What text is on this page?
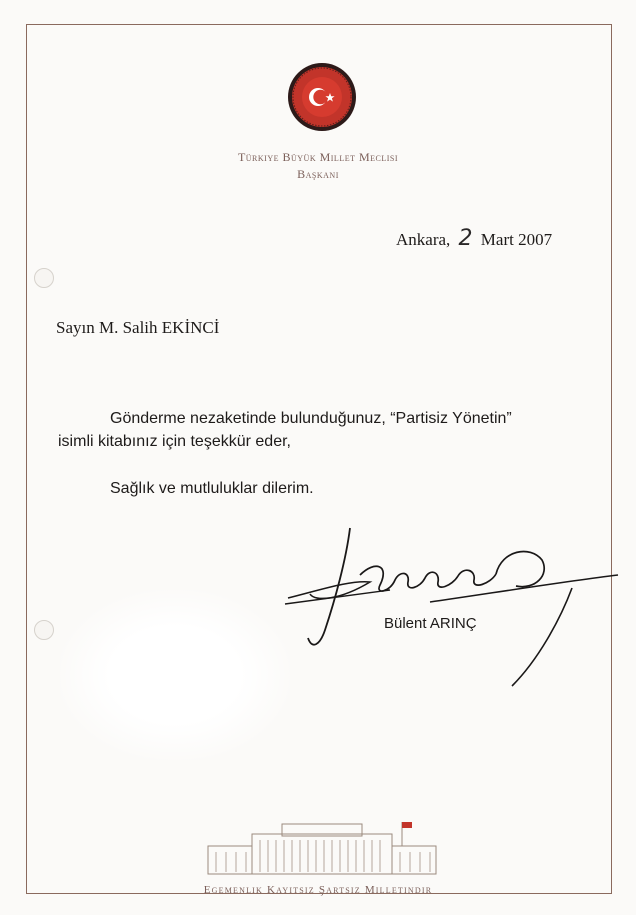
Türkiye Büyük Millet Meclisi
Başkanı
Ankara, 2 Mart 2007
Sayın M. Salih EKİNCİ
Gönderme nezaketinde bulunduğunuz, “Partisiz Yönetin”
isimli kitabınız için teşekkür eder,
Sağlık ve mutluluklar dilerim.
Bülent ARINÇ
Egemenlik Kayıtsız Şartsız Milletindir
